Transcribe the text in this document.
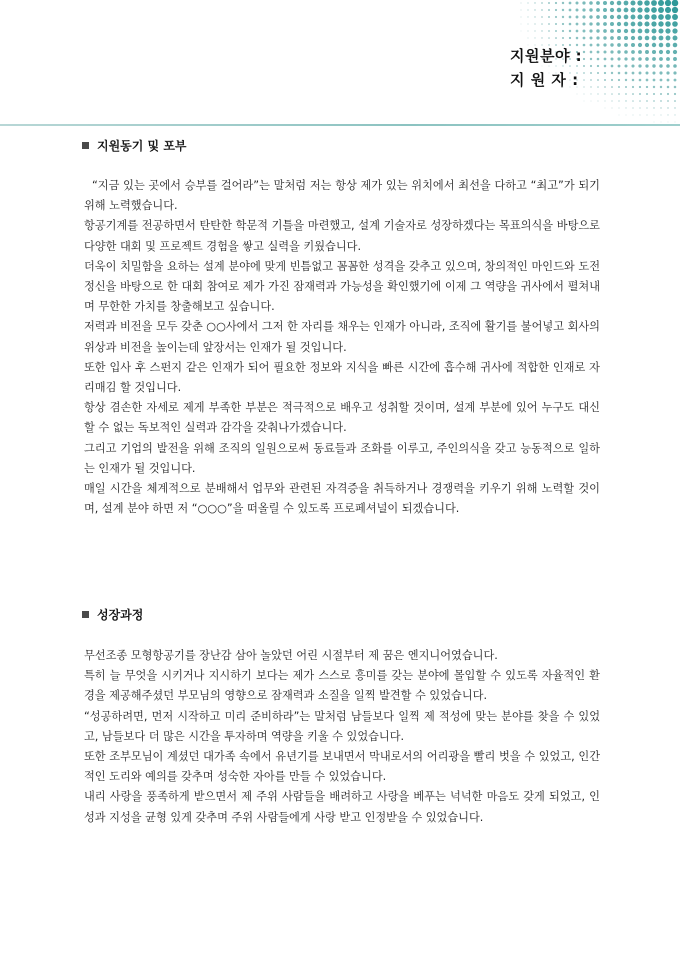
지원분야 :
지 원 자 :
지원동기 및 포부

“지금 있는 곳에서 승부를 걸어라”는 말처럼 저는 항상 제가 있는 위치에서 최선을 다하고 “최고”가 되기 위해 노력했습니다.

항공기계를 전공하면서 탄탄한 학문적 기틀을 마련했고, 설계 기술자로 성장하겠다는 목표의식을 바탕으로 다양한 대회 및 프로젝트 경험을 쌓고 실력을 키웠습니다.

더욱이 치밀함을 요하는 설계 분야에 맞게 빈틈없고 꼼꼼한 성격을 갖추고 있으며, 창의적인 마인드와 도전정신을 바탕으로 한 대회 참여로 제가 가진 잠재력과 가능성을 확인했기에 이제 그 역량을 귀사에서 펼쳐내며 무한한 가치를 창출해보고 싶습니다.

저력과 비전을 모두 갖춘 ○○사에서 그저 한 자리를 채우는 인재가 아니라, 조직에 활기를 불어넣고 회사의 위상과 비전을 높이는데 앞장서는 인재가 될 것입니다.

또한 입사 후 스펀지 같은 인재가 되어 필요한 정보와 지식을 빠른 시간에 흡수해 귀사에 적합한 인재로 자리매김 할 것입니다.

항상 겸손한 자세로 제게 부족한 부분은 적극적으로 배우고 성취할 것이며, 설계 부분에 있어 누구도 대신할 수 없는 독보적인 실력과 감각을 갖춰나가겠습니다.

그리고 기업의 발전을 위해 조직의 일원으로써 동료들과 조화를 이루고, 주인의식을 갖고 능동적으로 일하는 인재가 될 것입니다.

매일 시간을 체계적으로 분배해서 업무와 관련된 자격증을 취득하거나 경쟁력을 키우기 위해 노력할 것이며, 설계 분야 하면 저 “○○○”을 떠올릴 수 있도록 프로페셔널이 되겠습니다.

성장과정

무선조종 모형항공기를 장난감 삼아 놀았던 어린 시절부터 제 꿈은 엔지니어였습니다.

특히 늘 무엇을 시키거나 지시하기 보다는 제가 스스로 흥미를 갖는 분야에 몰입할 수 있도록 자율적인 환경을 제공해주셨던 부모님의 영향으로 잠재력과 소질을 일찍 발견할 수 있었습니다.

“성공하려면, 먼저 시작하고 미리 준비하라”는 말처럼 남들보다 일찍 제 적성에 맞는 분야를 찾을 수 있었고, 남들보다 더 많은 시간을 투자하며 역량을 키울 수 있었습니다.

또한 조부모님이 계셨던 대가족 속에서 유년기를 보내면서 막내로서의 어리광을 빨리 벗을 수 있었고, 인간적인 도리와 예의를 갖추며 성숙한 자아를 만들 수 있었습니다.

내리 사랑을 풍족하게 받으면서 제 주위 사람들을 배려하고 사랑을 베푸는 넉넉한 마음도 갖게 되었고, 인성과 지성을 균형 있게 갖추며 주위 사람들에게 사랑 받고 인정받을 수 있었습니다.
